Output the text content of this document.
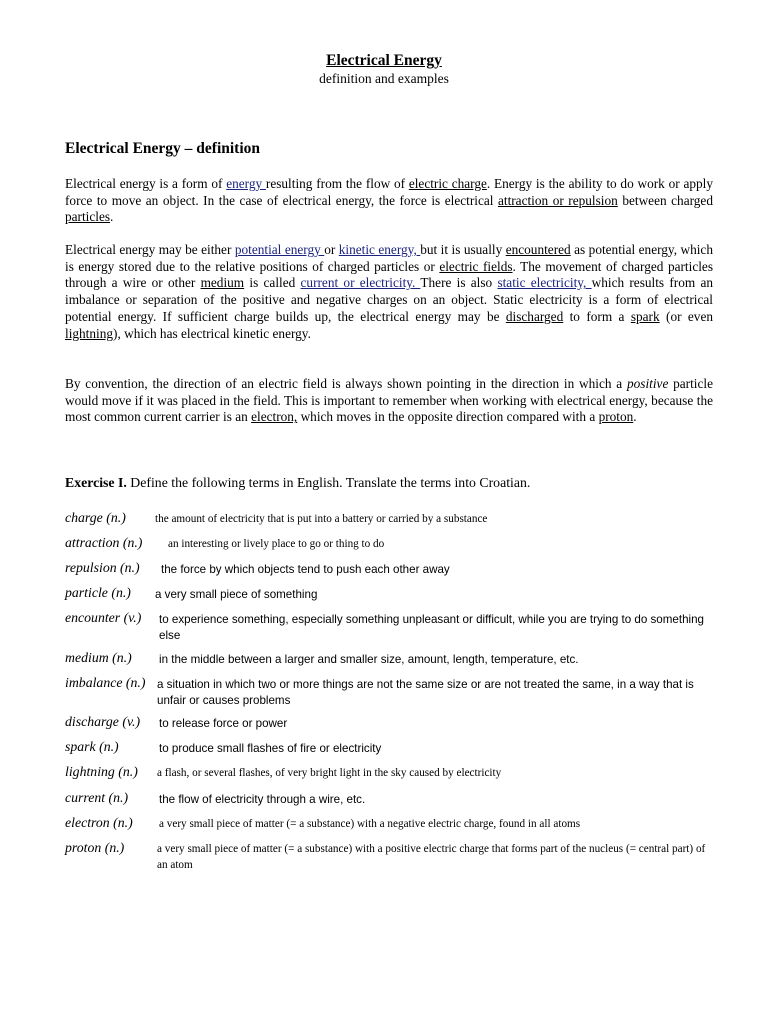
Electrical Energy
definition and examples
Electrical Energy – definition

Electrical energy is a form of energy resulting from the flow of electric charge. Energy is the ability to do work or apply force to move an object. In the case of electrical energy, the force is electrical attraction or repulsion between charged particles.

Electrical energy may be either potential energy or kinetic energy, but it is usually encountered as potential energy, which is energy stored due to the relative positions of charged particles or electric fields. The movement of charged particles through a wire or other medium is called current or electricity. There is also static electricity, which results from an imbalance or separation of the positive and negative charges on an object. Static electricity is a form of electrical potential energy. If sufficient charge builds up, the electrical energy may be discharged to form a spark (or even lightning), which has electrical kinetic energy.

By convention, the direction of an electric field is always shown pointing in the direction in which a positive particle would move if it was placed in the field. This is important to remember when working with electrical energy, because the most common current carrier is an electron, which moves in the opposite direction compared with a proton.

Exercise I. Define the following terms in English. Translate the terms into Croatian.

charge (n.)	the amount of electricity that is put into a battery or carried by a substance
attraction (n.) an interesting or lively place to go or thing to do
repulsion (n.) the force by which objects tend to push each other away
particle (n.) a very small piece of something
encounter (v.) to experience something, especially something unpleasant or difficult, while you are trying to do something else
medium (n.) in the middle between a larger and smaller size, amount, length, temperature, etc.
imbalance (n.) a situation in which two or more things are not the same size or are not treated the same, in a way that is unfair or causes problems
discharge (v.) to release force or power
spark (n.)	to produce small flashes of fire or electricity
lightning (n.) a flash, or several flashes, of very bright light in the sky caused by electricity
current (n.)	the flow of electricity through a wire, etc.
electron (n.) a very small piece of matter (= a substance) with a negative electric charge, found in all atoms
proton (n.)	a very small piece of matter (= a substance) with a positive electric charge that forms part of the nucleus (= central part) of an atom
